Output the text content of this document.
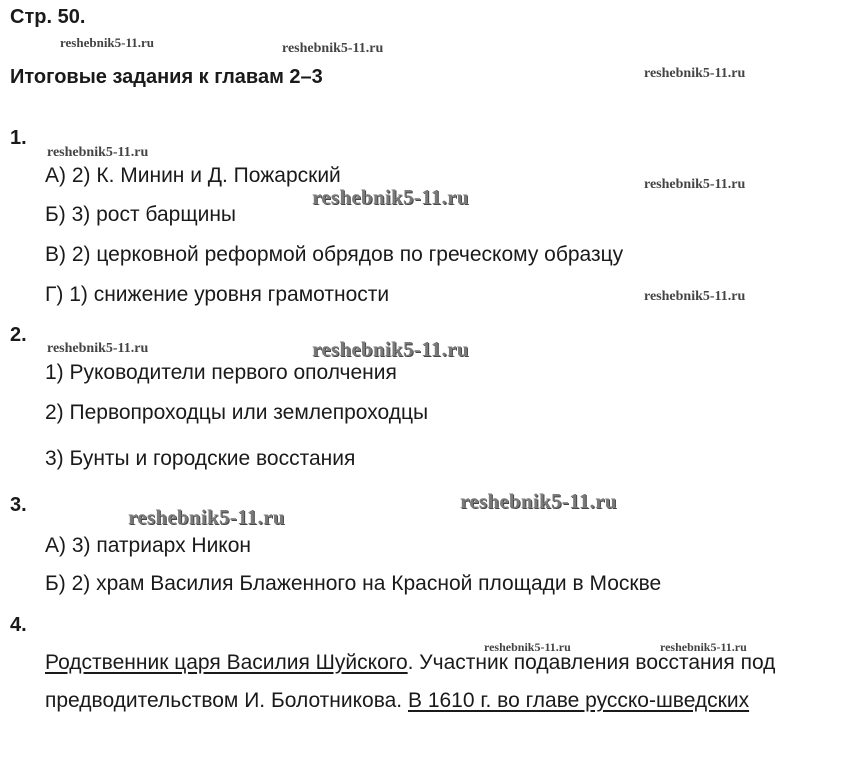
Стр. 50.
Итоговые задания к главам 2–3
1.
А) 2) К. Минин и Д. Пожарский
Б) 3) рост барщины
В) 2) церковной реформой обрядов по греческому образцу
Г) 1) снижение уровня грамотности
2.
1) Руководители первого ополчения
2) Первопроходцы или землепроходцы
3) Бунты и городские восстания
3.
А) 3) патриарх Никон
Б) 2) храм Василия Блаженного на Красной площади в Москве
4.
Родственник царя Василия Шуйского. Участник подавления восстания под
предводительством И. Болотникова. В 1610 г. во главе русско-шведских
reshebnik5-11.ru	reshebnik5-11.ru
reshebnik5-11.ru
reshebnik5-11.ru
reshebnik5-11.ru
reshebnik5-11.ru
reshebnik5-11.ru
reshebnik5-11.ru	reshebnik5-11.ru
reshebnik5-11.ru
reshebnik5-11.ru
reshebnik5-11.ru	reshebnik5-11.ru
